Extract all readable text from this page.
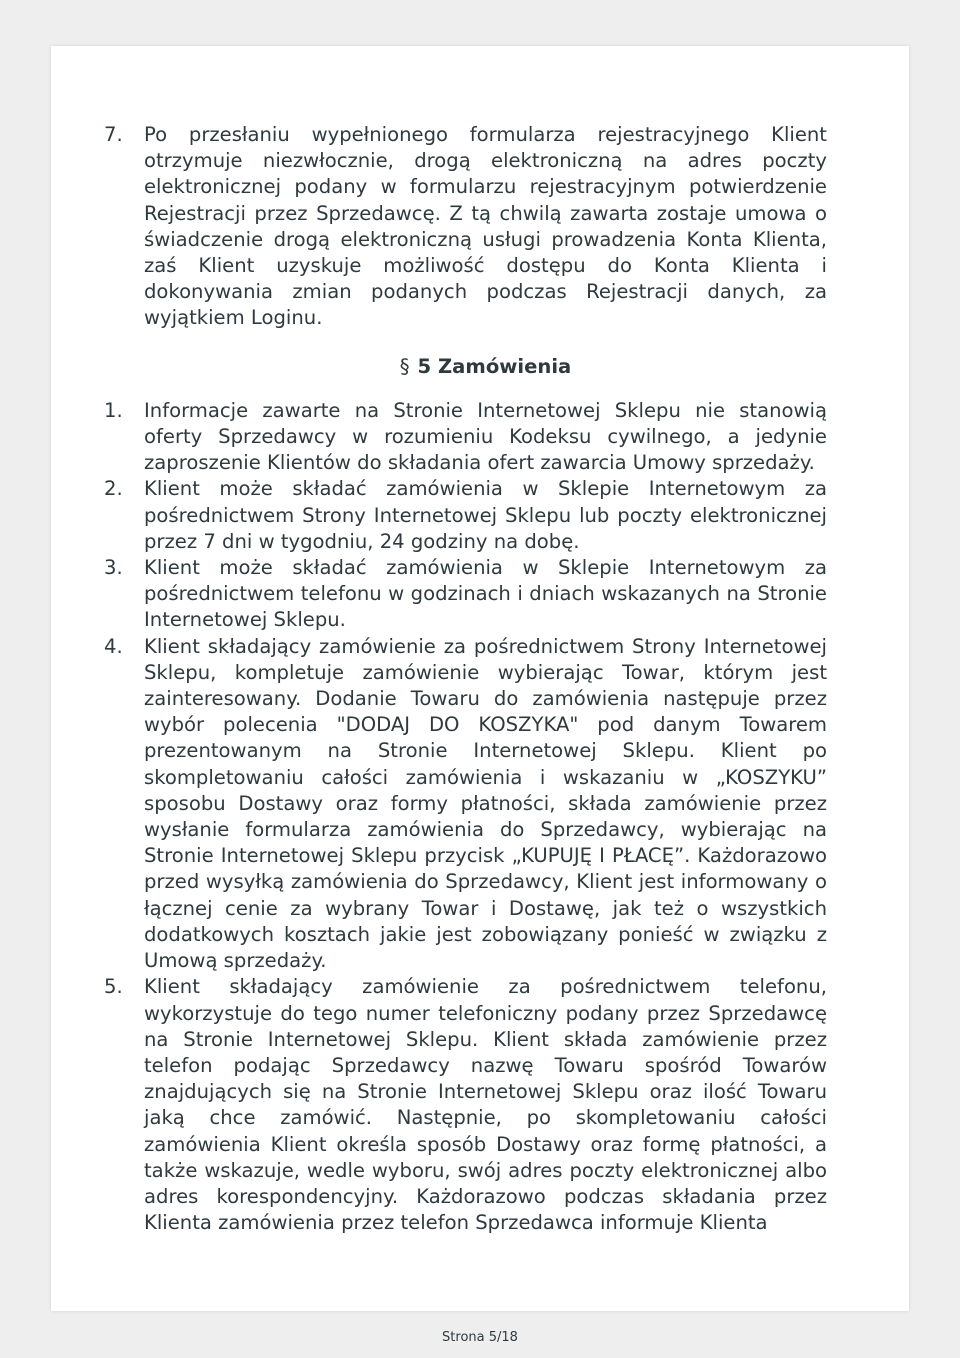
7. Po przesłaniu wypełnionego formularza rejestracyjnego Klient otrzymuje niezwłocznie, drogą elektroniczną na adres poczty elektronicznej podany w formularzu rejestracyjnym potwierdzenie Rejestracji przez Sprzedawcę. Z tą chwilą zawarta zostaje umowa o świadczenie drogą elektroniczną usługi prowadzenia Konta Klienta, zaś Klient uzyskuje możliwość dostępu do Konta Klienta i dokonywania zmian podanych podczas Rejestracji danych, za wyjątkiem Loginu.
§ 5 Zamówienia
1. Informacje zawarte na Stronie Internetowej Sklepu nie stanowią oferty Sprzedawcy w rozumieniu Kodeksu cywilnego, a jedynie zaproszenie Klientów do składania ofert zawarcia Umowy sprzedaży.
2. Klient może składać zamówienia w Sklepie Internetowym za pośrednictwem Strony Internetowej Sklepu lub poczty elektronicznej przez 7 dni w tygodniu, 24 godziny na dobę.
3. Klient może składać zamówienia w Sklepie Internetowym za pośrednictwem telefonu w godzinach i dniach wskazanych na Stronie Internetowej Sklepu.
4. Klient składający zamówienie za pośrednictwem Strony Internetowej Sklepu, kompletuje zamówienie wybierając Towar, którym jest zainteresowany. Dodanie Towaru do zamówienia następuje przez wybór polecenia "DODAJ DO KOSZYKA" pod danym Towarem prezentowanym na Stronie Internetowej Sklepu. Klient po skompletowaniu całości zamówienia i wskazaniu w „KOSZYKU” sposobu Dostawy oraz formy płatności, składa zamówienie przez wysłanie formularza zamówienia do Sprzedawcy, wybierając na Stronie Internetowej Sklepu przycisk „KUPUJĘ I PŁACĘ”. Każdorazowo przed wysyłką zamówienia do Sprzedawcy, Klient jest informowany o łącznej cenie za wybrany Towar i Dostawę, jak też o wszystkich dodatkowych kosztach jakie jest zobowiązany ponieść w związku z Umową sprzedaży.
5. Klient składający zamówienie za pośrednictwem telefonu, wykorzystuje do tego numer telefoniczny podany przez Sprzedawcę na Stronie Internetowej Sklepu. Klient składa zamówienie przez telefon podając Sprzedawcy nazwę Towaru spośród Towarów znajdujących się na Stronie Internetowej Sklepu oraz ilość Towaru jaką chce zamówić. Następnie, po skompletowaniu całości zamówienia Klient określa sposób Dostawy oraz formę płatności, a także wskazuje, wedle wyboru, swój adres poczty elektronicznej albo adres korespondencyjny. Każdorazowo podczas składania przez Klienta zamówienia przez telefon Sprzedawca informuje Klienta
Strona 5/18
